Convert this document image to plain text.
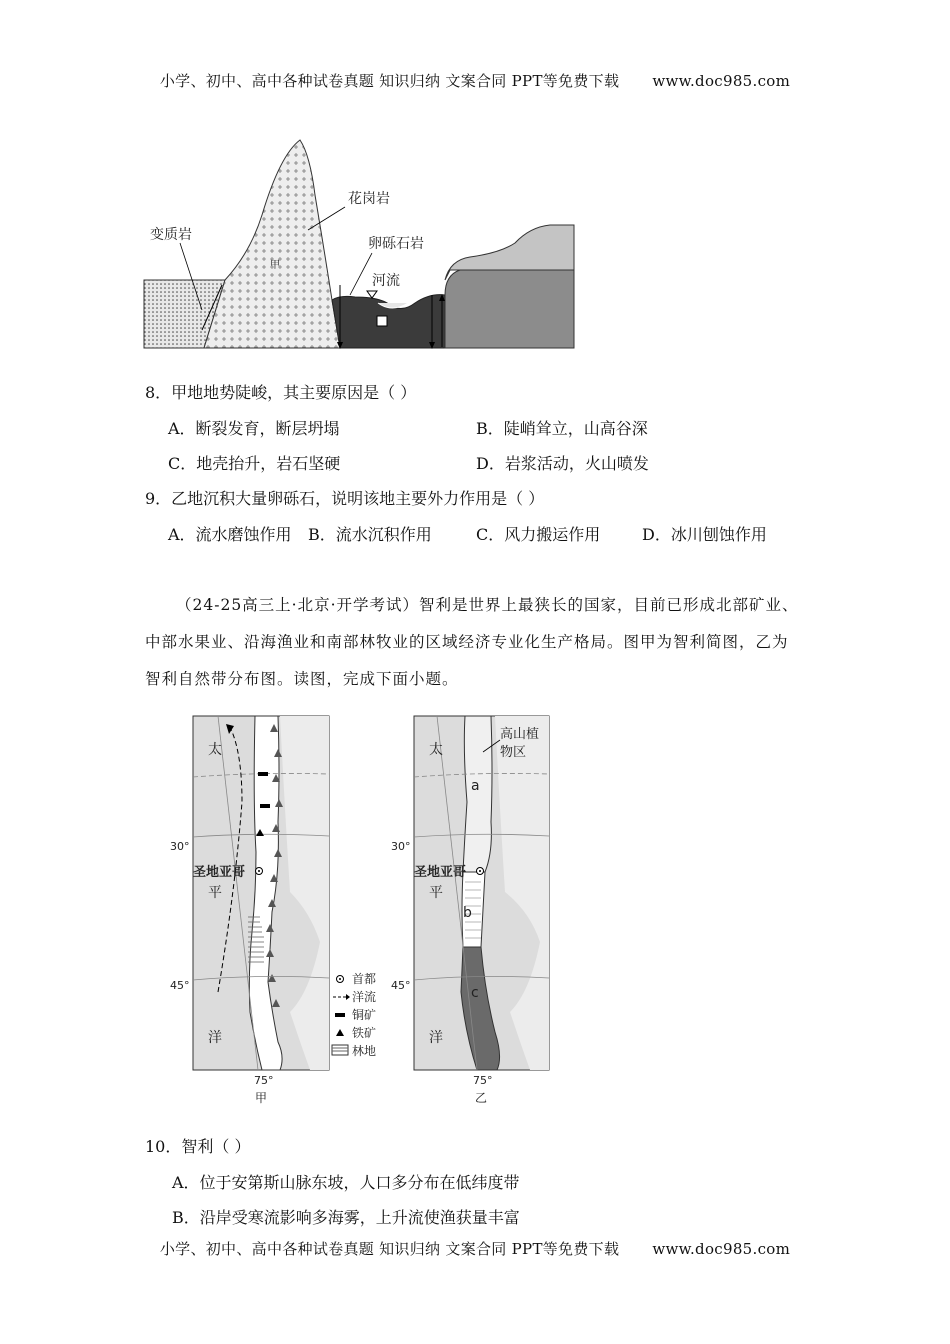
小学、初中、高中各种试卷真题 知识归纳 文案合同 PPT等免费下载 www.doc985.com
变质岩
花岗岩
卵砾石岩
河流
甲
8．甲地地势陡峻，其主要原因是（ ）
A．断裂发育，断层坍塌	B．陡峭耸立，山高谷深
C．地壳抬升，岩石坚硬	D．岩浆活动，火山喷发
9．乙地沉积大量卵砾石，说明该地主要外力作用是（ ）
A．流水磨蚀作用 B．流水沉积作用	C．风力搬运作用	D．冰川刨蚀作用
（24-25高三上·北京·开学考试）智利是世界上最狭长的国家，目前已形成北部矿业、
中部水果业、沿海渔业和南部林牧业的区域经济专业化生产格局。图甲为智利简图，乙为
智利自然带分布图。读图，完成下面小题。
圣地亚哥
太
平
洋
30°
45°
75°
甲
首都
洋流
铜矿
铁矿
林地
圣地亚哥
高山植
物区
a
b
c
太
平
洋
30°
45°
75°
乙
10．智利（ ）
A．位于安第斯山脉东坡，人口多分布在低纬度带
B．沿岸受寒流影响多海雾，上升流使渔获量丰富
小学、初中、高中各种试卷真题 知识归纳 文案合同 PPT等免费下载 www.doc985.com
